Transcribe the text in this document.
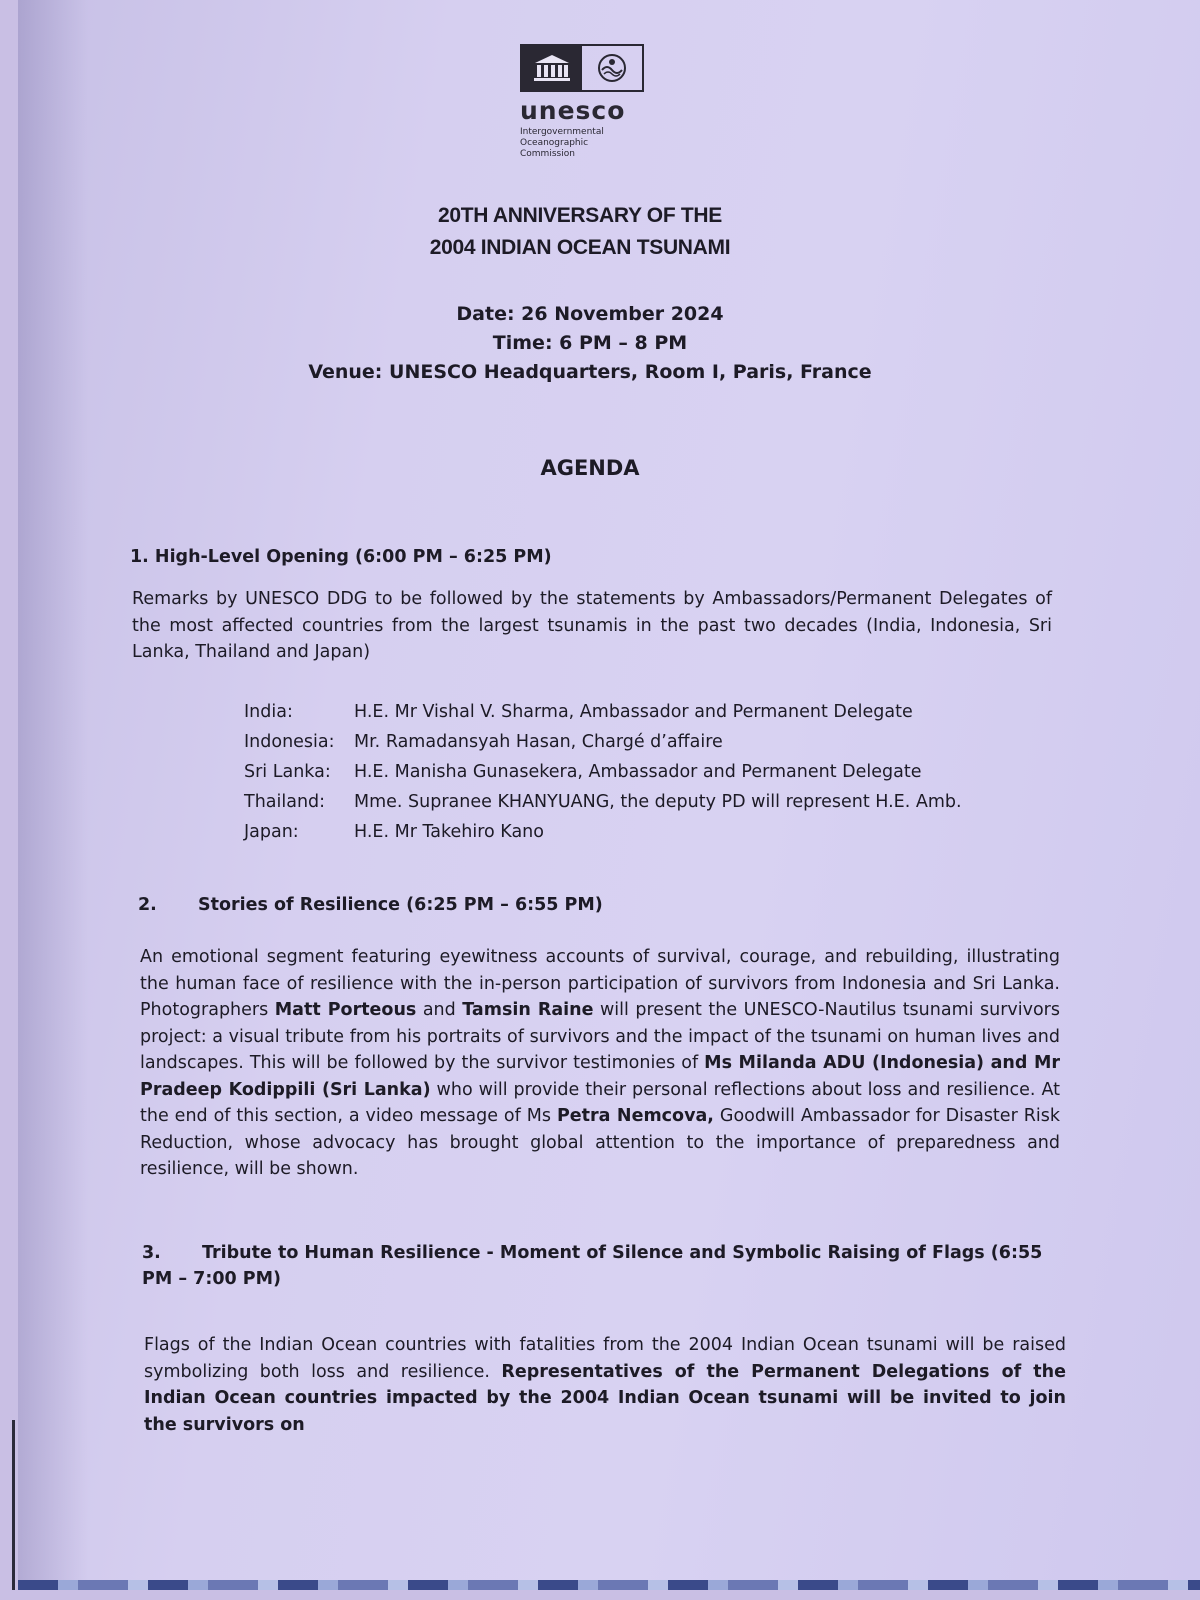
unesco
Intergovernmental
Oceanographic
Commission
20TH ANNIVERSARY OF THE
2004 INDIAN OCEAN TSUNAMI
Date: 26 November 2024
Time: 6 PM – 8 PM
Venue: UNESCO Headquarters, Room I, Paris, France
AGENDA
1. High-Level Opening (6:00 PM – 6:25 PM)
Remarks by UNESCO DDG to be followed by the statements by Ambassadors/Permanent Delegates of the most affected countries from the largest tsunamis in the past two decades (India, Indonesia, Sri Lanka, Thailand and Japan)
India:	H.E. Mr Vishal V. Sharma, Ambassador and Permanent Delegate
Indonesia:	Mr. Ramadansyah Hasan, Chargé d’affaire
Sri Lanka:	H.E. Manisha Gunasekera, Ambassador and Permanent Delegate
Thailand:	Mme. Supranee KHANYUANG, the deputy PD will represent H.E. Amb.
Japan:	H.E. Mr Takehiro Kano
2.	Stories of Resilience (6:25 PM – 6:55 PM)
An emotional segment featuring eyewitness accounts of survival, courage, and rebuilding, illustrating the human face of resilience with the in-person participation of survivors from Indonesia and Sri Lanka. Photographers Matt Porteous and Tamsin Raine will present the UNESCO-Nautilus tsunami survivors project: a visual tribute from his portraits of survivors and the impact of the tsunami on human lives and landscapes. This will be followed by the survivor testimonies of Ms Milanda ADU (Indonesia) and Mr Pradeep Kodippili (Sri Lanka) who will provide their personal reflections about loss and resilience. At the end of this section, a video message of Ms Petra Nemcova, Goodwill Ambassador for Disaster Risk Reduction, whose advocacy has brought global attention to the importance of preparedness and resilience, will be shown.
3. Tribute to Human Resilience - Moment of Silence and Symbolic Raising of Flags (6:55 PM – 7:00 PM)
Flags of the Indian Ocean countries with fatalities from the 2004 Indian Ocean tsunami will be raised symbolizing both loss and resilience. Representatives of the Permanent Delegations of the Indian Ocean countries impacted by the 2004 Indian Ocean tsunami will be invited to join the survivors on
